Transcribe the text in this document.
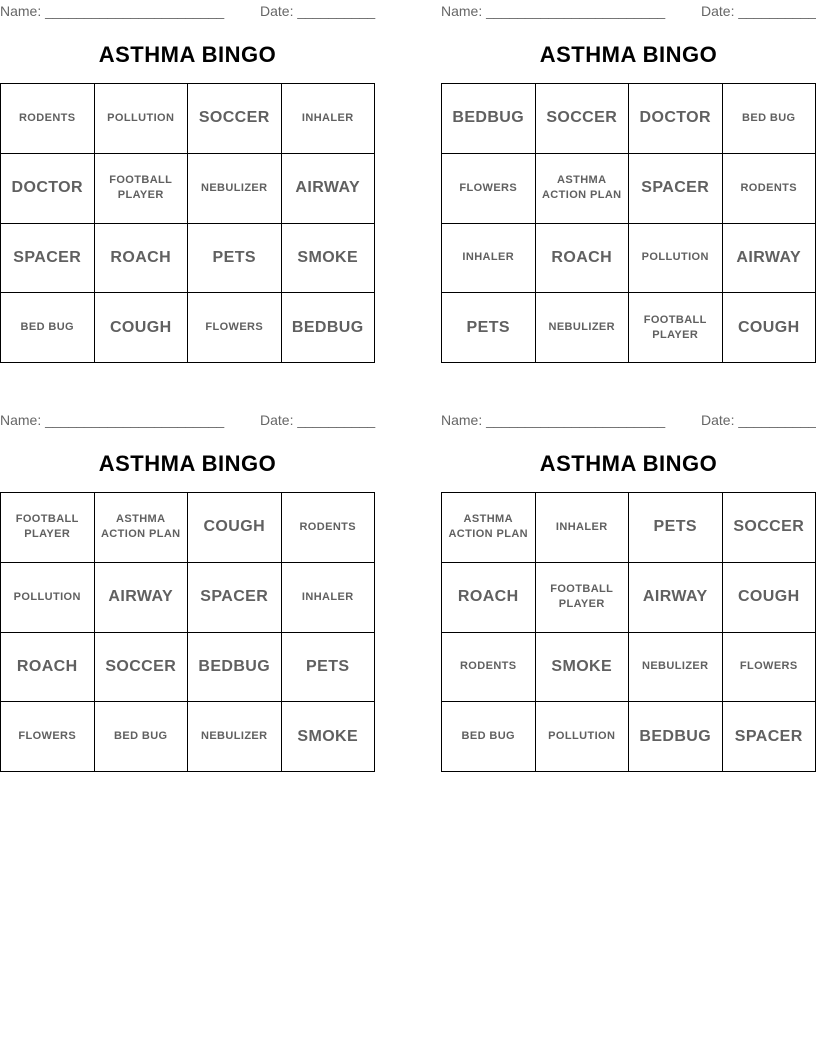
Name: _______________________	Date: __________
ASTHMA BINGO
RODENTS	POLLUTION	SOCCER	INHALER
DOCTOR	FOOTBALL PLAYER	NEBULIZER	AIRWAY
SPACER	ROACH	PETS	SMOKE
BED BUG	COUGH	FLOWERS	BEDBUG
Name: _______________________	Date: __________
ASTHMA BINGO
BEDBUG	SOCCER	DOCTOR	BED BUG
FLOWERS	ASTHMA ACTION PLAN	SPACER	RODENTS
INHALER	ROACH	POLLUTION	AIRWAY
PETS	NEBULIZER	FOOTBALL PLAYER	COUGH
Name: _______________________	Date: __________
ASTHMA BINGO
FOOTBALL PLAYER	ASTHMA ACTION PLAN	COUGH	RODENTS
POLLUTION	AIRWAY	SPACER	INHALER
ROACH	SOCCER	BEDBUG	PETS
FLOWERS	BED BUG	NEBULIZER	SMOKE
Name: _______________________	Date: __________
ASTHMA BINGO
ASTHMA ACTION PLAN	INHALER	PETS	SOCCER
ROACH	FOOTBALL PLAYER	AIRWAY	COUGH
RODENTS	SMOKE	NEBULIZER	FLOWERS
BED BUG	POLLUTION	BEDBUG	SPACER
